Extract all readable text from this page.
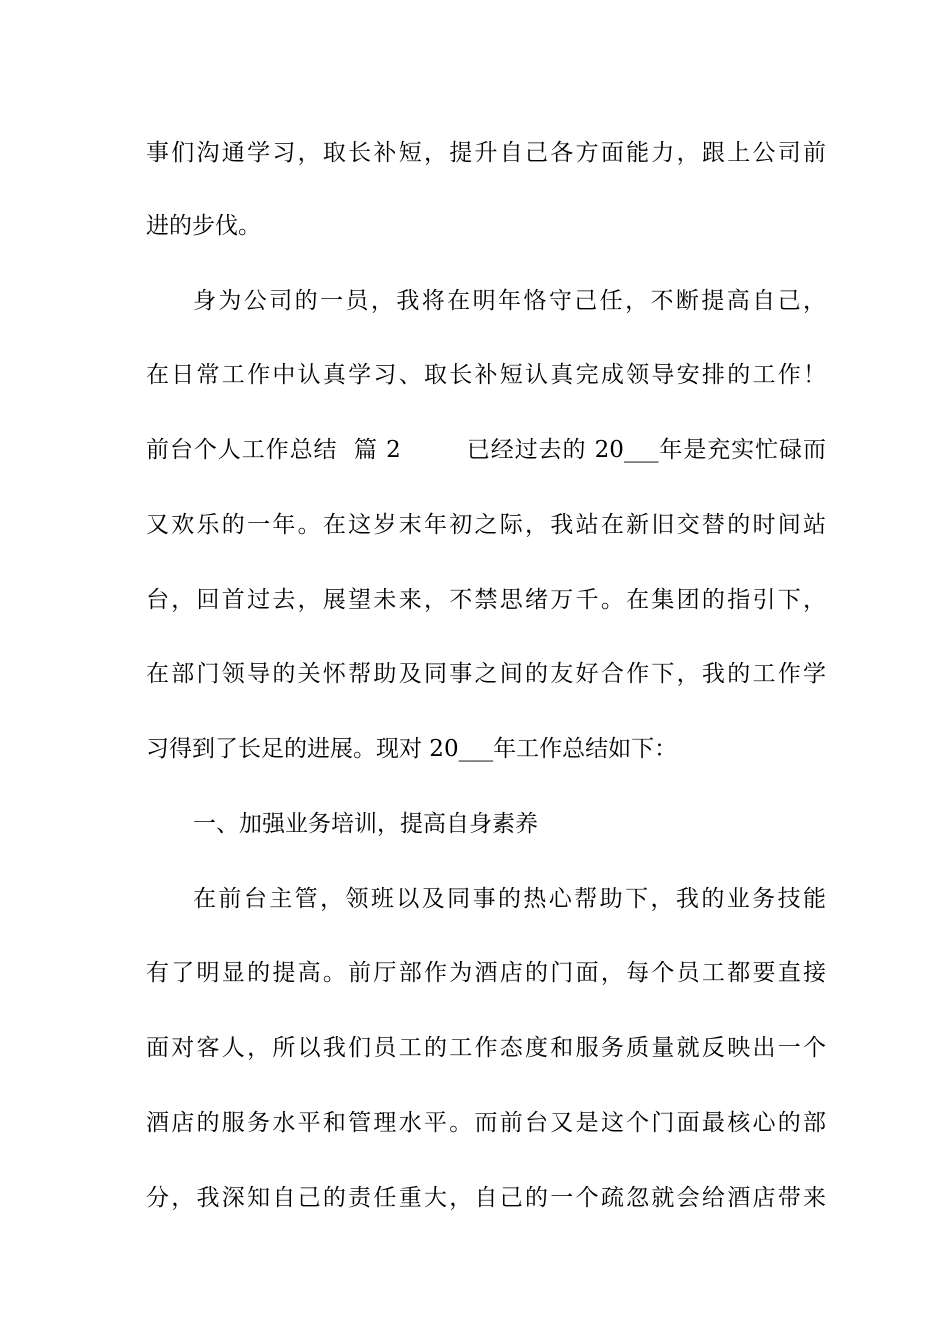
事们沟通学习，取长补短，提升自己各方面能力，跟上公司前
进的步伐。
身为公司的一员，我将在明年恪守己任，不断提高自己，
在日常工作中认真学习、取长补短认真完成领导安排的工作！
前台个人工作总结  篇 2        已经过去的 20___年是充实忙碌而
又欢乐的一年。在这岁末年初之际，我站在新旧交替的时间站
台，回首过去，展望未来，不禁思绪万千。在集团的指引下，
在部门领导的关怀帮助及同事之间的友好合作下，我的工作学
习得到了长足的进展。现对 20___年工作总结如下：
一、加强业务培训，提高自身素养
在前台主管，领班以及同事的热心帮助下，我的业务技能
有了明显的提高。前厅部作为酒店的门面，每个员工都要直接
面对客人，所以我们员工的工作态度和服务质量就反映出一个
酒店的服务水平和管理水平。而前台又是这个门面最核心的部
分，我深知自己的责任重大，自己的一个疏忽就会给酒店带来
